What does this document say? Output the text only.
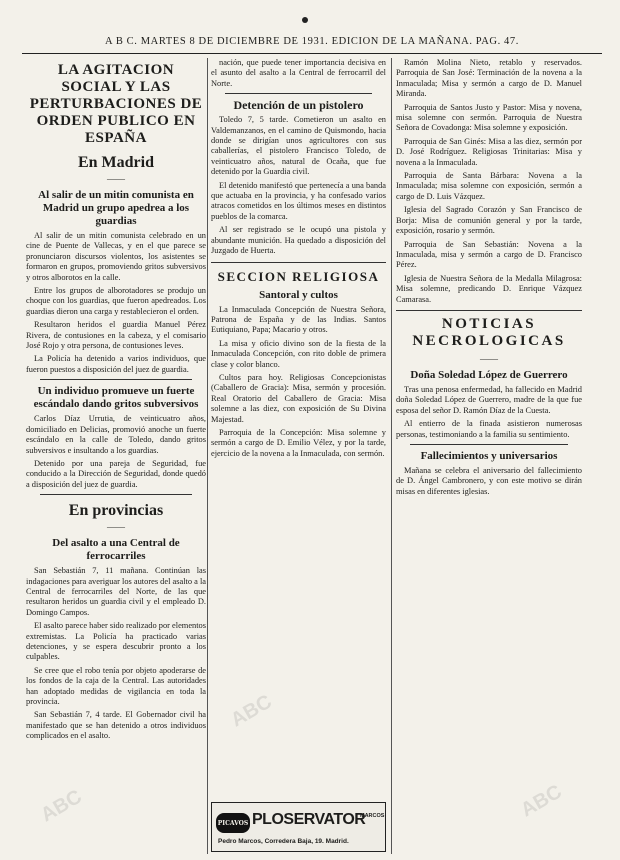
A B C. MARTES 8 DE DICIEMBRE DE 1931. EDICION DE LA MAÑANA. PAG. 47.
LA AGITACION SOCIAL Y LAS PERTURBACIONES DE ORDEN PUBLICO EN ESPAÑA
En Madrid
——
Al salir de un mitin comunista en Madrid un grupo apedrea a los guardias

Al salir de un mitin comunista celebrado en un cine de Puente de Vallecas, y en el que parece se pronunciaron discursos violentos, los asistentes se formaron en grupos, promoviendo gritos subversivos y otros alborotos en la calle.

Entre los grupos de alborotadores se produjo un choque con los guardias, que fueron apedreados. Los guardias dieron una carga y restablecieron el orden.

Resultaron heridos el guardia Manuel Pérez Rivera, de contusiones en la cabeza, y el comisario José Rojo y otra persona, de contusiones leves.

La Policía ha detenido a varios individuos, que fueron puestos a disposición del juez de guardia.

Un individuo promueve un fuerte escándalo dando gritos subversivos

Carlos Díaz Urrutia, de veinticuatro años, domiciliado en Delicias, promovió anoche un fuerte escándalo en la calle de Toledo, dando gritos subversivos e insultando a los guardias.

Detenido por una pareja de Seguridad, fue conducido a la Dirección de Seguridad, donde quedó a disposición del juez de guardia.

En provincias
——
Del asalto a una Central de ferrocarriles

San Sebastián 7, 11 mañana. Continúan las indagaciones para averiguar los autores del asalto a la Central de ferrocarriles del Norte, de las que resultaron heridos un guardia civil y el empleado D. Domingo Campos.

El asalto parece haber sido realizado por elementos extremistas. La Policía ha practicado varias detenciones, y se espera descubrir pronto a los culpables.

Se cree que el robo tenía por objeto apoderarse de los fondos de la caja de la Central. Las autoridades han adoptado medidas de vigilancia en toda la provincia.

San Sebastián 7, 4 tarde. El Gobernador civil ha manifestado que se han detenido a otros individuos complicados en el asalto.

nación, que puede tener importancia decisiva en el asunto del asalto a la Central de ferrocarril del Norte.

Detención de un pistolero

Toledo 7, 5 tarde. Cometieron un asalto en Valdemanzanos, en el camino de Quismondo, hacia donde se dirigían unos agricultores con sus caballerías, el pistolero Francisco Toledo, de veinticuatro años, natural de Ocaña, que fue detenido por la Guardia civil.

El detenido manifestó que pertenecía a una banda que actuaba en la provincia, y ha confesado varios atracos cometidos en los últimos meses en distintos pueblos de la comarca.

Al ser registrado se le ocupó una pistola y abundante munición. Ha quedado a disposición del Juzgado de Huerta.

SECCION RELIGIOSA
Santoral y cultos

La Inmaculada Concepción de Nuestra Señora, Patrona de España y de las Indias. Santos Eutiquiano, Papa; Macario y otros.

La misa y oficio divino son de la fiesta de la Inmaculada Concepción, con rito doble de primera clase y color blanco.

Cultos para hoy. Religiosas Concepcionistas (Caballero de Gracia): Misa, sermón y procesión. Real Oratorio del Caballero de Gracia: Misa solemne a las diez, con exposición de Su Divina Majestad.

Parroquia de la Concepción: Misa solemne y sermón a cargo de D. Emilio Vélez, y por la tarde, ejercicio de la novena a la Inmaculada, con sermón.

PICAVOS PLOSERVATOR
MARCOS
Pedro Marcos, Corredera Baja, 19. Madrid.

Ramón Molina Nieto, retablo y reservados. Parroquia de San José: Terminación de la novena a la Inmaculada; Misa y sermón a cargo de D. Manuel Miranda.

Parroquia de Santos Justo y Pastor: Misa y novena, misa solemne con sermón. Parroquia de Nuestra Señora de Covadonga: Misa solemne y exposición.

Parroquia de San Ginés: Misa a las diez, sermón por D. José Rodríguez. Religiosas Trinitarias: Misa y novena a la Inmaculada.

Parroquia de Santa Bárbara: Novena a la Inmaculada; misa solemne con exposición, sermón a cargo de D. Luis Vázquez.

Iglesia del Sagrado Corazón y San Francisco de Borja: Misa de comunión general y por la tarde, exposición, rosario y sermón.

Parroquia de San Sebastián: Novena a la Inmaculada, misa y sermón a cargo de D. Francisco Pérez.

Iglesia de Nuestra Señora de la Medalla Milagrosa: Misa solemne, predicando D. Enrique Vázquez Camarasa.

NOTICIAS NECROLOGICAS
——
Doña Soledad López de Guerrero

Tras una penosa enfermedad, ha fallecido en Madrid doña Soledad López de Guerrero, madre de la que fue esposa del señor D. Ramón Díaz de la Cuesta.

Al entierro de la finada asistieron numerosas personas, testimoniando a la familia su sentimiento.

Fallecimientos y universarios

Mañana se celebra el aniversario del fallecimiento de D. Ángel Cambronero, y con este motivo se dirán misas en diferentes iglesias.

ABC
ABC
ABC
